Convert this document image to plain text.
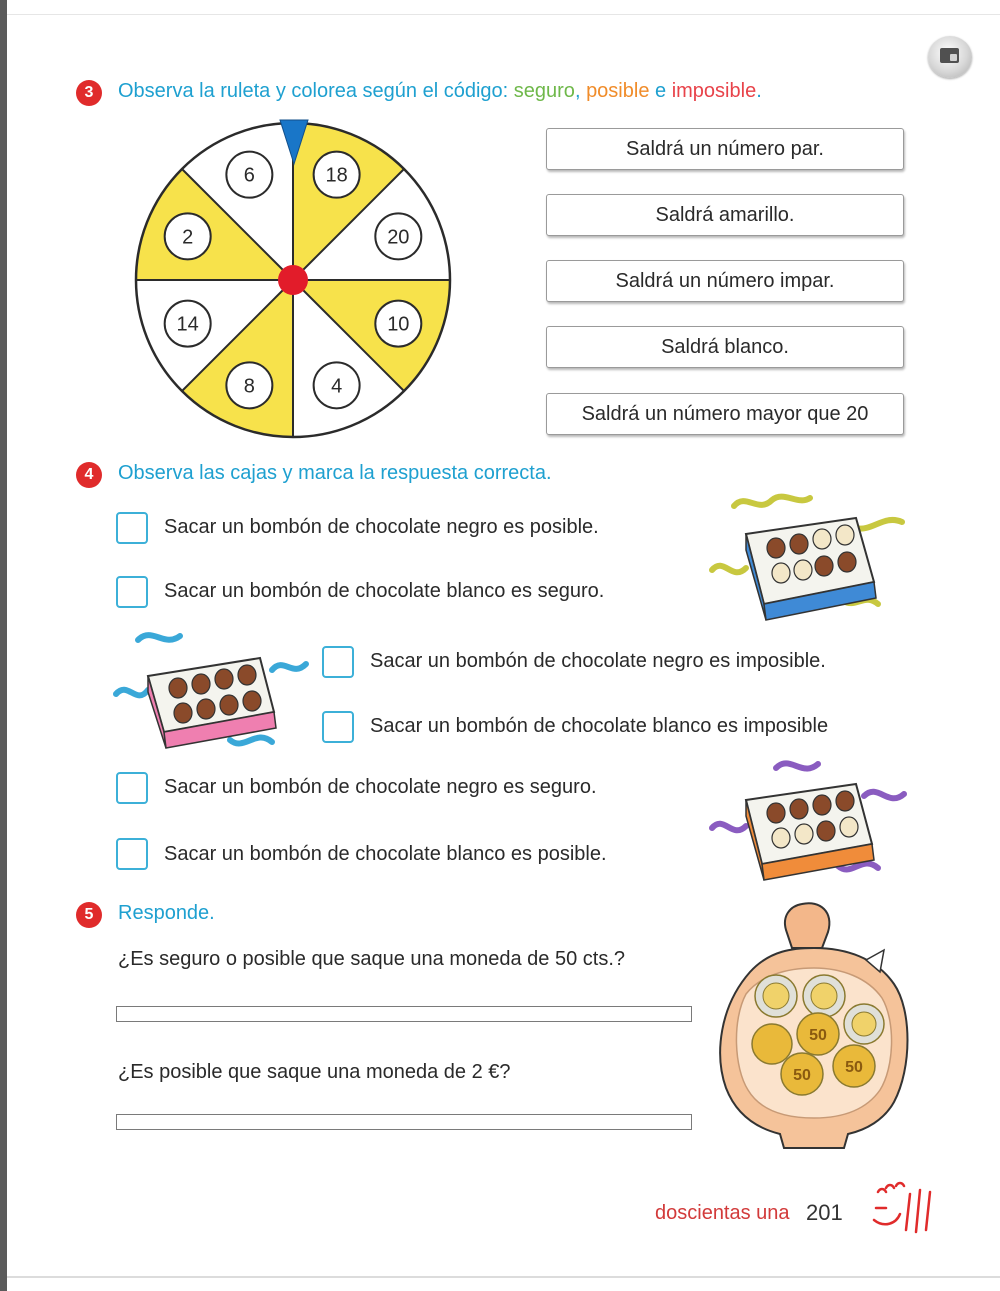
3	Observa la ruleta y colorea según el código: seguro, posible e imposible.
18
20
10
4
8
14
2
6
Saldrá un número par.
Saldrá amarillo.
Saldrá un número impar.
Saldrá blanco.
Saldrá un número mayor que 20
4	Observa las cajas y marca la respuesta correcta.
Sacar un bombón de chocolate negro es posible.
Sacar un bombón de chocolate blanco es seguro.
Sacar un bombón de chocolate negro es imposible.
Sacar un bombón de chocolate blanco es imposible
Sacar un bombón de chocolate negro es seguro.
Sacar un bombón de chocolate blanco es posible.
5	Responde.
¿Es seguro o posible que saque una moneda de 50 cts.?
¿Es posible que saque una moneda de 2 €?
50
50 50
doscientas una 201
